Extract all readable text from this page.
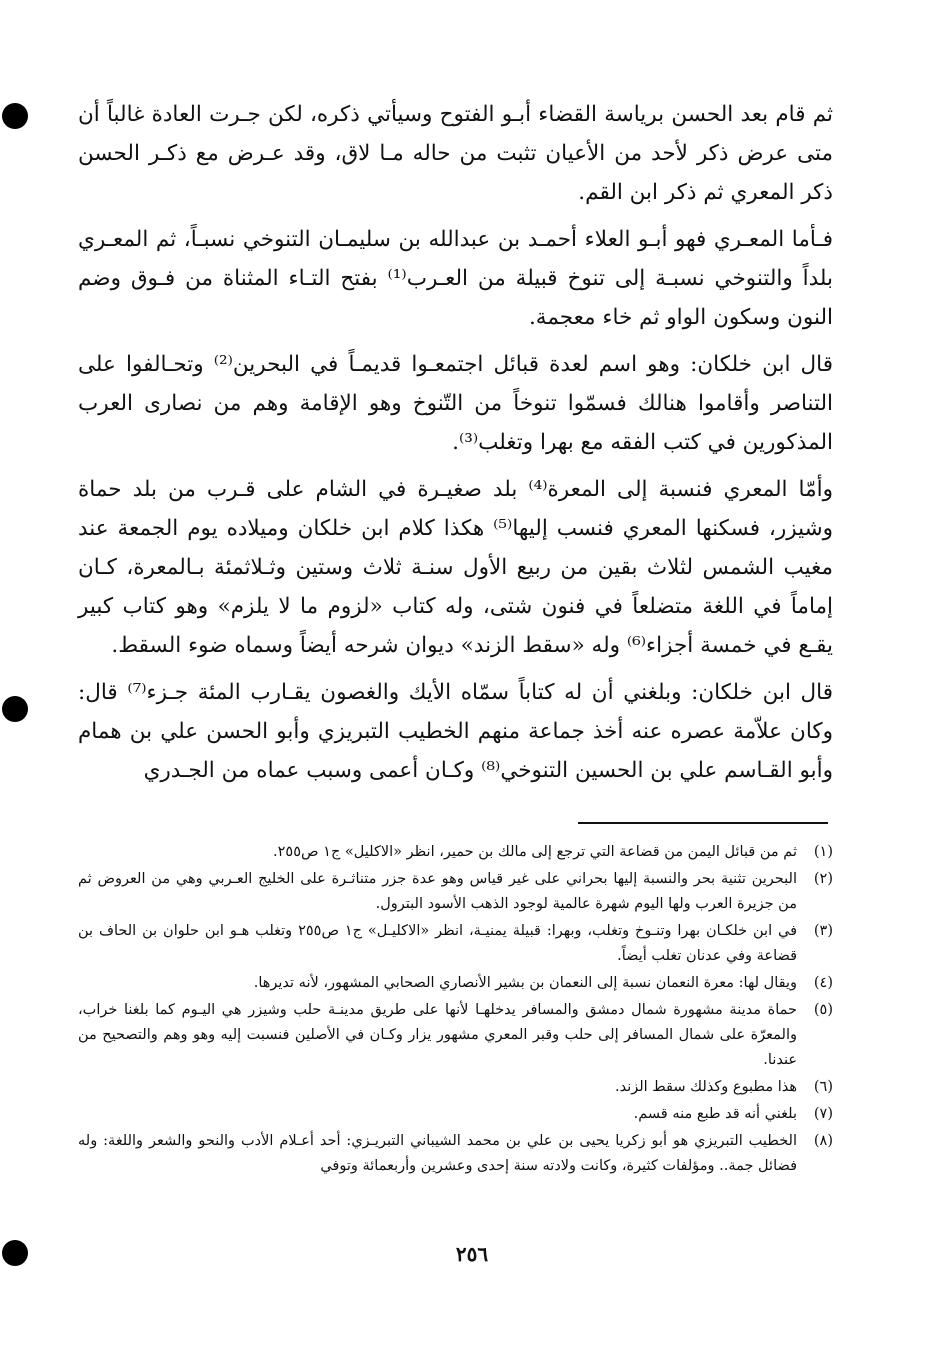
ثم قام بعد الحسن برياسة القضاء أبـو الفتوح وسيأتي ذكره، لكن جـرت العادة غالباً أن متى عرض ذكر لأحد من الأعيان تثبت من حاله مـا لاق، وقد عـرض مع ذكـر الحسن ذكر المعري ثم ذكر ابن القم.

فـأما المعـري فهو أبـو العلاء أحمـد بن عبدالله بن سليمـان التنوخي نسبـاً، ثم المعـري بلداً والتنوخي نسبـة إلى تنوخ قبيلة من العـرب⁽¹⁾ بفتح التـاء المثناة من فـوق وضم النون وسكون الواو ثم خاء معجمة.

قال ابن خلكان: وهو اسم لعدة قبائل اجتمعـوا قديمـاً في البحرين⁽²⁾ وتحـالفوا على التناصر وأقاموا هنالك فسمّوا تنوخاً من التّنوخ وهو الإقامة وهم من نصارى العرب المذكورين في كتب الفقه مع بهرا وتغلب⁽³⁾.

وأمّا المعري فنسبة إلى المعرة⁽⁴⁾ بلد صغيـرة في الشام على قـرب من بلد حماة وشيزر، فسكنها المعري فنسب إليها⁽⁵⁾ هكذا كلام ابن خلكان وميلاده يوم الجمعة عند مغيب الشمس لثلاث بقين من ربيع الأول سنـة ثلاث وستين وثـلاثمئة بـالمعرة، كـان إماماً في اللغة متضلعاً في فنون شتى، وله كتاب «لزوم ما لا يلزم» وهو كتاب كبير يقـع في خمسة أجزاء⁽⁶⁾ وله «سقط الزند» ديوان شرحه أيضاً وسماه ضوء السقط.

قال ابن خلكان: وبلغني أن له كتاباً سمّاه الأيك والغصون يقـارب المئة جـزء⁽⁷⁾ قال: وكان علاّمة عصره عنه أخذ جماعة منهم الخطيب التبريزي وأبو الحسن علي بن همام وأبو القـاسم علي بن الحسين التنوخي⁽⁸⁾ وكـان أعمى وسبب عماه من الجـدري

(١)
ثم من قبائل اليمن من قضاعة التي ترجع إلى مالك بن حمير، انظر «الاكليل» ج١ ص٢٥٥.
(٢)
البحرين تثنية بحر والنسبة إليها بحراني على غير قياس وهو عدة جزر متناثـرة على الخليج العـربي وهي من العروض ثم من جزيرة العرب ولها اليوم شهرة عالمية لوجود الذهب الأسود البترول.
(٣)
في ابن خلكـان بهرا وتنـوخ وتغلب، وبهرا: قبيلة يمنيـة، انظر «الاكليـل» ج١ ص٢٥٥ وتغلب هـو ابن حلوان بن الحاف بن قضاعة وفي عدنان تغلب أيضاً.
(٤)
ويقال لها: معرة النعمان نسبة إلى النعمان بن بشير الأنصاري الصحابي المشهور، لأنه تديرها.
(٥)
حماة مدينة مشهورة شمال دمشق والمسافر يدخلهـا لأنها على طريق مدينـة حلب وشيزر هي اليـوم كما بلغنا خراب، والمعرّة على شمال المسافر إلى حلب وقبر المعري مشهور يزار وكـان في الأصلين فنسبت إليه وهو وهم والتصحيح من عندنا.
(٦)
هذا مطبوع وكذلك سقط الزند.
(٧)
بلغني أنه قد طبع منه قسم.
(٨)
الخطيب التبريزي هو أبو زكريا يحيى بن علي بن محمد الشيباني التبريـزي: أحد أعـلام الأدب والنحو والشعر واللغة: وله فضائل جمة.. ومؤلفات كثيرة، وكانت ولادته سنة إحدى وعشرين وأربعمائة وتوفي
٢٥٦
